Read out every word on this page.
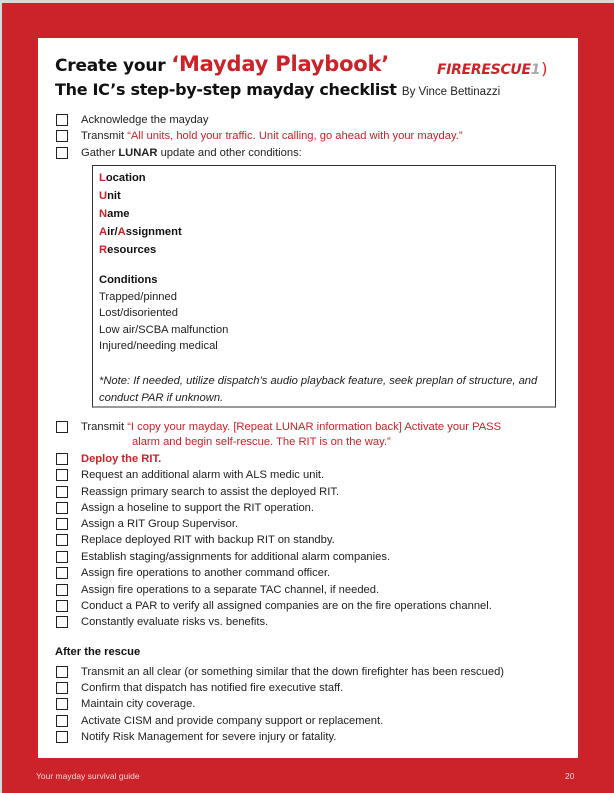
Create your ‘Mayday Playbook’
The IC’s step-by-step mayday checklist By Vince Bettinazzi
FIRERESCUE1)
Acknowledge the mayday
Transmit “All units, hold your traffic. Unit calling, go ahead with your mayday.”
Gather LUNAR update and other conditions:
Location
Unit
Name
Air/Assignment
Resources
Conditions
Trapped/pinned
Lost/disoriented
Low air/SCBA malfunction
Injured/needing medical
*Note: If needed, utilize dispatch’s audio playback feature, seek preplan of structure, and conduct PAR if unknown.
Transmit “I copy your mayday. [Repeat LUNAR information back] Activate your PASS
alarm and begin self-rescue. The RIT is on the way.”
Deploy the RIT.
Request an additional alarm with ALS medic unit.
Reassign primary search to assist the deployed RIT.
Assign a hoseline to support the RIT operation.
Assign a RIT Group Supervisor.
Replace deployed RIT with backup RIT on standby.
Establish staging/assignments for additional alarm companies.
Assign fire operations to another command officer.
Assign fire operations to a separate TAC channel, if needed.
Conduct a PAR to verify all assigned companies are on the fire operations channel.
Constantly evaluate risks vs. benefits.
After the rescue
Transmit an all clear (or something similar that the down firefighter has been rescued)
Confirm that dispatch has notified fire executive staff.
Maintain city coverage.
Activate CISM and provide company support or replacement.
Notify Risk Management for severe injury or fatality.
Your mayday survival guide	20
